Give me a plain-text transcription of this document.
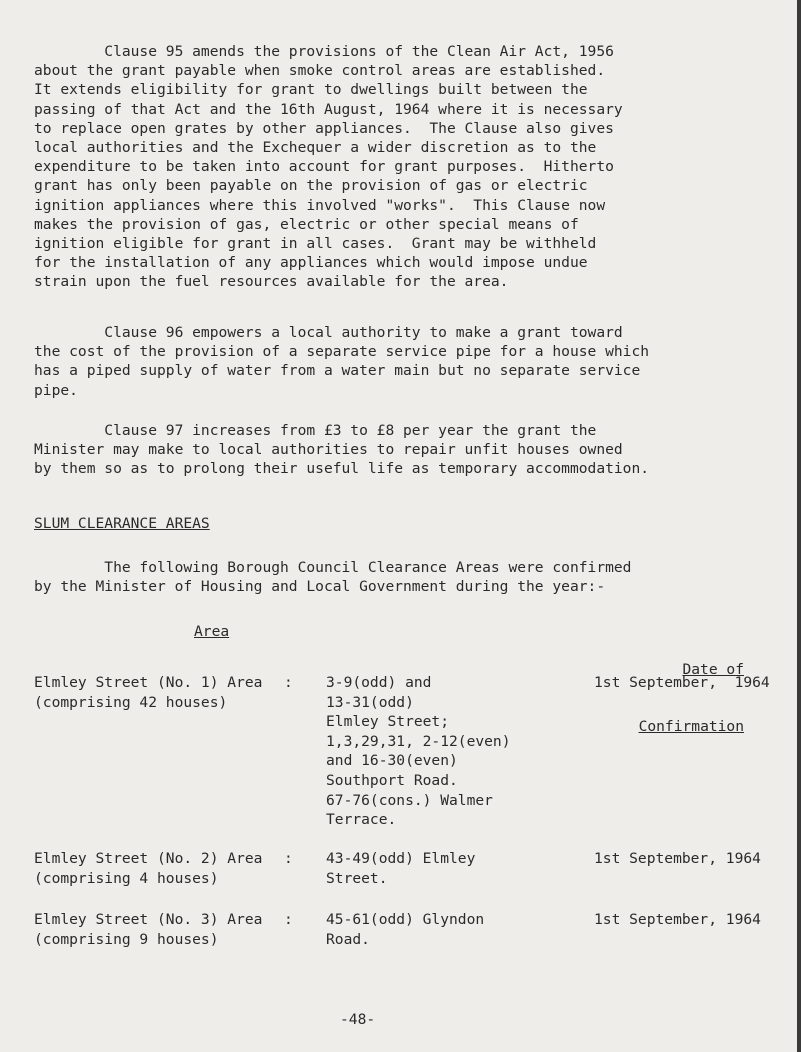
Clause 95 amends the provisions of the Clean Air Act, 1956

about the grant payable when smoke control areas are established.

It extends eligibility for grant to dwellings built between the

passing of that Act and the 16th August, 1964 where it is necessary

to replace open grates by other appliances.  The Clause also gives

local authorities and the Exchequer a wider discretion as to the

expenditure to be taken into account for grant purposes.  Hitherto

grant has only been payable on the provision of gas or electric

ignition appliances where this involved "works".  This Clause now

makes the provision of gas, electric or other special means of

ignition eligible for grant in all cases.  Grant may be withheld

for the installation of any appliances which would impose undue

strain upon the fuel resources available for the area.

Clause 96 empowers a local authority to make a grant toward

the cost of the provision of a separate service pipe for a house which

has a piped supply of water from a water main but no separate service

pipe.

Clause 97 increases from £3 to £8 per year the grant the

Minister may make to local authorities to repair unfit houses owned

by them so as to prolong their useful life as temporary accommodation.

SLUM CLEARANCE AREAS

The following Borough Council Clearance Areas were confirmed

by the Minister of Housing and Local Government during the year:-

Area

Date of

Confirmation

Elmley Street (No. 1) Area
(comprising 42 houses)
: 3-9(odd) and
13-31(odd)
Elmley Street;
1,3,29,31, 2-12(even)
and 16-30(even)
Southport Road.
67-76(cons.) Walmer
Terrace.
1st September,  1964
Elmley Street (No. 2) Area
(comprising 4 houses)
: 43-49(odd) Elmley
Street.
1st September, 1964
Elmley Street (No. 3) Area
(comprising 9 houses)
: 45-61(odd) Glyndon
Road.
1st September, 1964
-48-
